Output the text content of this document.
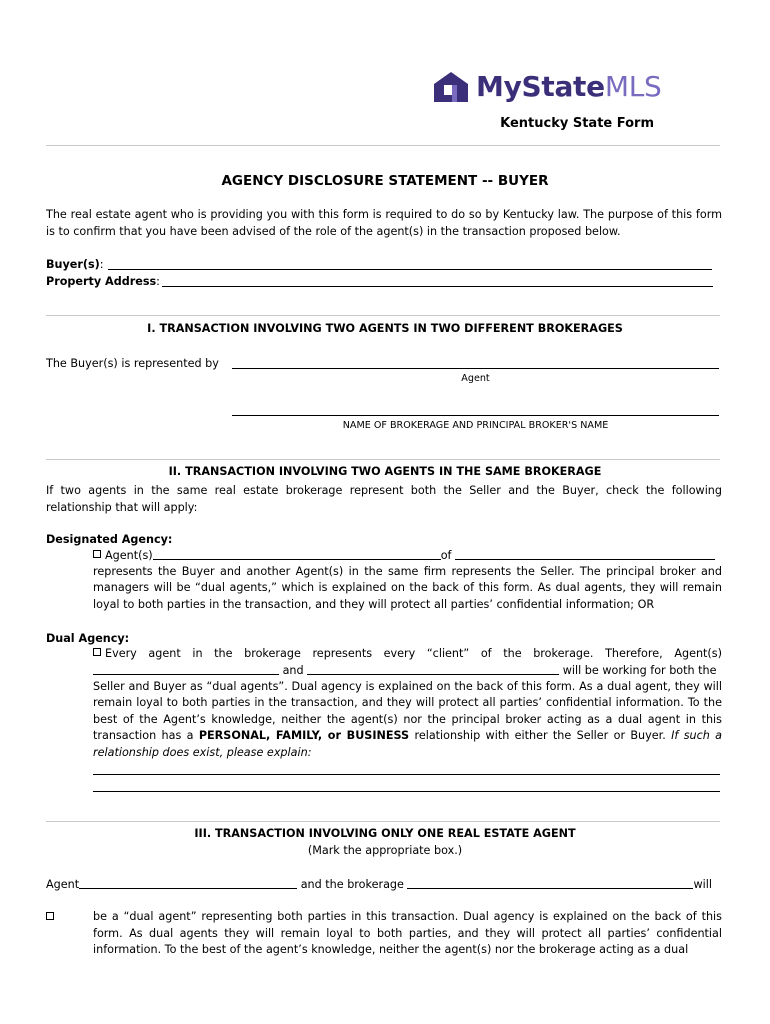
MyStateMLS
Kentucky State Form
AGENCY DISCLOSURE STATEMENT -- BUYER
The real estate agent who is providing you with this form is required to do so by Kentucky law. The purpose of this form is to confirm that you have been advised of the role of the agent(s) in the transaction proposed below.
Buyer(s):
Property Address:
I. TRANSACTION INVOLVING TWO AGENTS IN TWO DIFFERENT BROKERAGES
The Buyer(s) is represented by
Agent
NAME OF BROKERAGE AND PRINCIPAL BROKER'S NAME
II. TRANSACTION INVOLVING TWO AGENTS IN THE SAME BROKERAGE
If two agents in the same real estate brokerage represent both the Seller and the Buyer, check the following relationship that will apply:
Designated Agency:
Agent(s)	of
represents the Buyer and another Agent(s) in the same firm represents the Seller. The principal broker and managers will be “dual agents,” which is explained on the back of this form. As dual agents, they will remain loyal to both parties in the transaction, and they will protect all parties’ confidential information; OR
Dual Agency:
Every agent in the brokerage represents every “client” of the brokerage. Therefore, Agent(s)
and	will be working for both the
Seller and Buyer as “dual agents”. Dual agency is explained on the back of this form. As a dual agent, they will remain loyal to both parties in the transaction, and they will protect all parties’ confidential information. To the best of the Agent’s knowledge, neither the agent(s) nor the principal broker acting as a dual agent in this transaction has a PERSONAL, FAMILY, or BUSINESS relationship with either the Seller or Buyer. If such a relationship does exist, please explain:
III. TRANSACTION INVOLVING ONLY ONE REAL ESTATE AGENT
(Mark the appropriate box.)
Agent	and the brokerage	will
be a “dual agent” representing both parties in this transaction. Dual agency is explained on the back of this form. As dual agents they will remain loyal to both parties, and they will protect all parties’ confidential information. To the best of the agent’s knowledge, neither the agent(s) nor the brokerage acting as a dual
